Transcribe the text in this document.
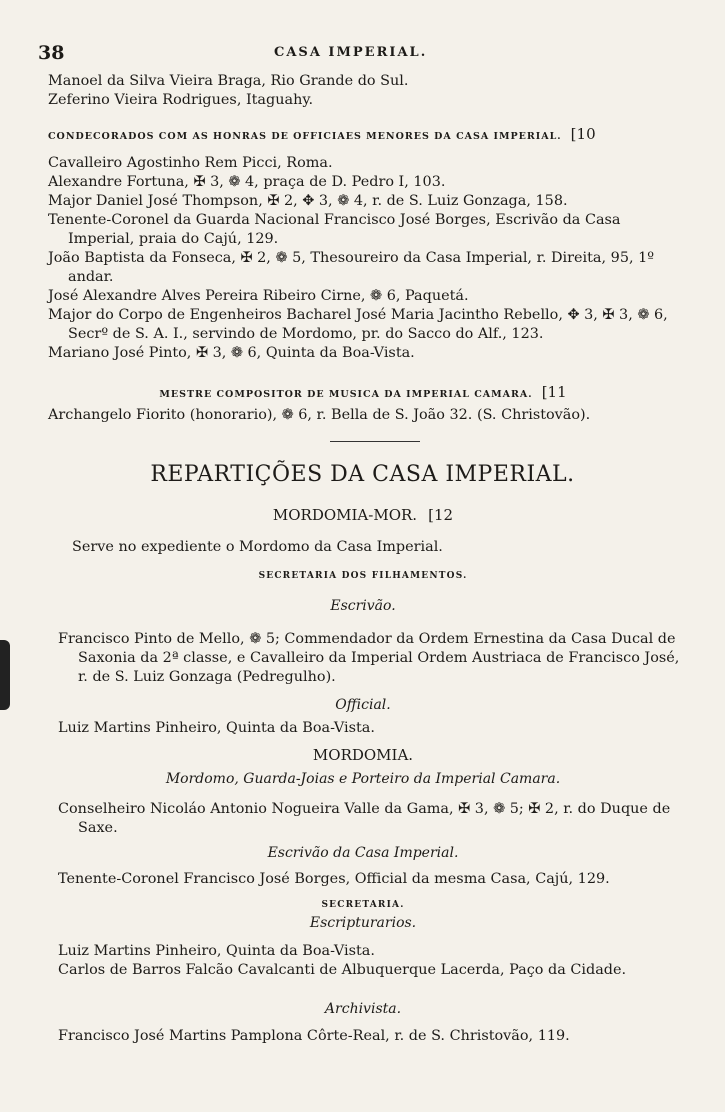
38	CASA IMPERIAL.

Manoel da Silva Vieira Braga, Rio Grande do Sul.

Zeferino Vieira Rodrigues, Itaguahy.

CONDECORADOS COM AS HONRAS DE OFFICIAES MENORES DA CASA IMPERIAL. [10

Cavalleiro Agostinho Rem Picci, Roma.

Alexandre Fortuna, ✠ 3, ❁ 4, praça de D. Pedro I, 103.

Major Daniel José Thompson, ✠ 2, ✥ 3, ❁ 4, r. de S. Luiz Gonzaga, 158.

Tenente-Coronel da Guarda Nacional Francisco José Borges, Escrivão da Casa Imperial, praia do Cajú, 129.

João Baptista da Fonseca, ✠ 2, ❁ 5, Thesoureiro da Casa Imperial, r. Direita, 95, 1º andar.

José Alexandre Alves Pereira Ribeiro Cirne, ❁ 6, Paquetá.

Major do Corpo de Engenheiros Bacharel José Maria Jacintho Rebello, ✥ 3, ✠ 3, ❁ 6, Secrº de S. A. I., servindo de Mordomo, pr. do Sacco do Alf., 123.

Mariano José Pinto, ✠ 3, ❁ 6, Quinta da Boa-Vista.

MESTRE COMPOSITOR DE MUSICA DA IMPERIAL CAMARA. [11

Archangelo Fiorito (honorario), ❁ 6, r. Bella de S. João 32. (S. Christovão).

REPARTIÇÕES DA CASA IMPERIAL.
MORDOMIA-MOR. [12

Serve no expediente o Mordomo da Casa Imperial.

SECRETARIA DOS FILHAMENTOS.
Escrivão.

Francisco Pinto de Mello, ❁ 5; Commendador da Ordem Ernestina da Casa Ducal de Saxonia da 2ª classe, e Cavalleiro da Imperial Ordem Austriaca de Francisco José, r. de S. Luiz Gonzaga (Pedregulho).

Official.

Luiz Martins Pinheiro, Quinta da Boa-Vista.

MORDOMIA.
Mordomo, Guarda-Joias e Porteiro da Imperial Camara.

Conselheiro Nicoláo Antonio Nogueira Valle da Gama, ✠ 3, ❁ 5; ✠ 2, r. do Duque de Saxe.

Escrivão da Casa Imperial.

Tenente-Coronel Francisco José Borges, Official da mesma Casa, Cajú, 129.

SECRETARIA.
Escripturarios.

Luiz Martins Pinheiro, Quinta da Boa-Vista.

Carlos de Barros Falcão Cavalcanti de Albuquerque Lacerda, Paço da Cidade.

Archivista.

Francisco José Martins Pamplona Côrte-Real, r. de S. Christovão, 119.
